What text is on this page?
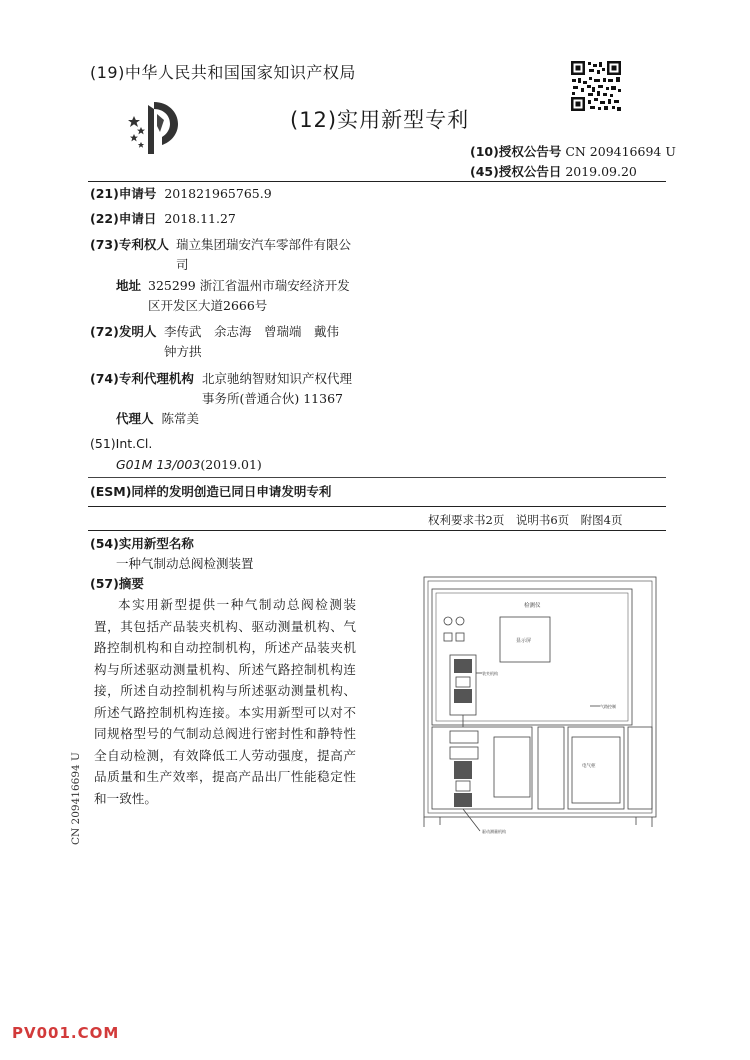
(19)中华人民共和国国家知识产权局
(12)实用新型专利
(10)授权公告号 CN 209416694 U
(45)授权公告日 2019.09.20
(21)申请号 201821965765.9
(22)申请日 2018.11.27
(73)专利权人 瑞立集团瑞安汽车零部件有限公
司
地址 325299 浙江省温州市瑞安经济开发
区开发区大道2666号
(72)发明人 李传武　余志海　曾瑞端　戴伟
钟方拱
(74)专利代理机构 北京驰纳智财知识产权代理
事务所(普通合伙) 11367
代理人 陈常美
(51)Int.Cl.
G01M 13/003(2019.01)
(ESM)同样的发明创造已同日申请发明专利
权利要求书2页　说明书6页　附图4页
(54)实用新型名称
一种气制动总阀检测装置
(57)摘要
本实用新型提供一种气制动总阀检测装置，其包括产品装夹机构、驱动测量机构、气路控制机构和自动控制机构，所述产品装夹机构与所述驱动测量机构、所述气路控制机构连接，所述自动控制机构与所述驱动测量机构、所述气路控制机构连接。本实用新型可以对不同规格型号的气制动总阀进行密封性和静特性全自动检测，有效降低工人劳动强度，提高产品质量和生产效率，提高产品出厂性能稳定性和一致性。
检测仪
显示屏
装夹机构
电气柜
气路控制
驱动测量机构
CN 209416694 U
PV001.COM
